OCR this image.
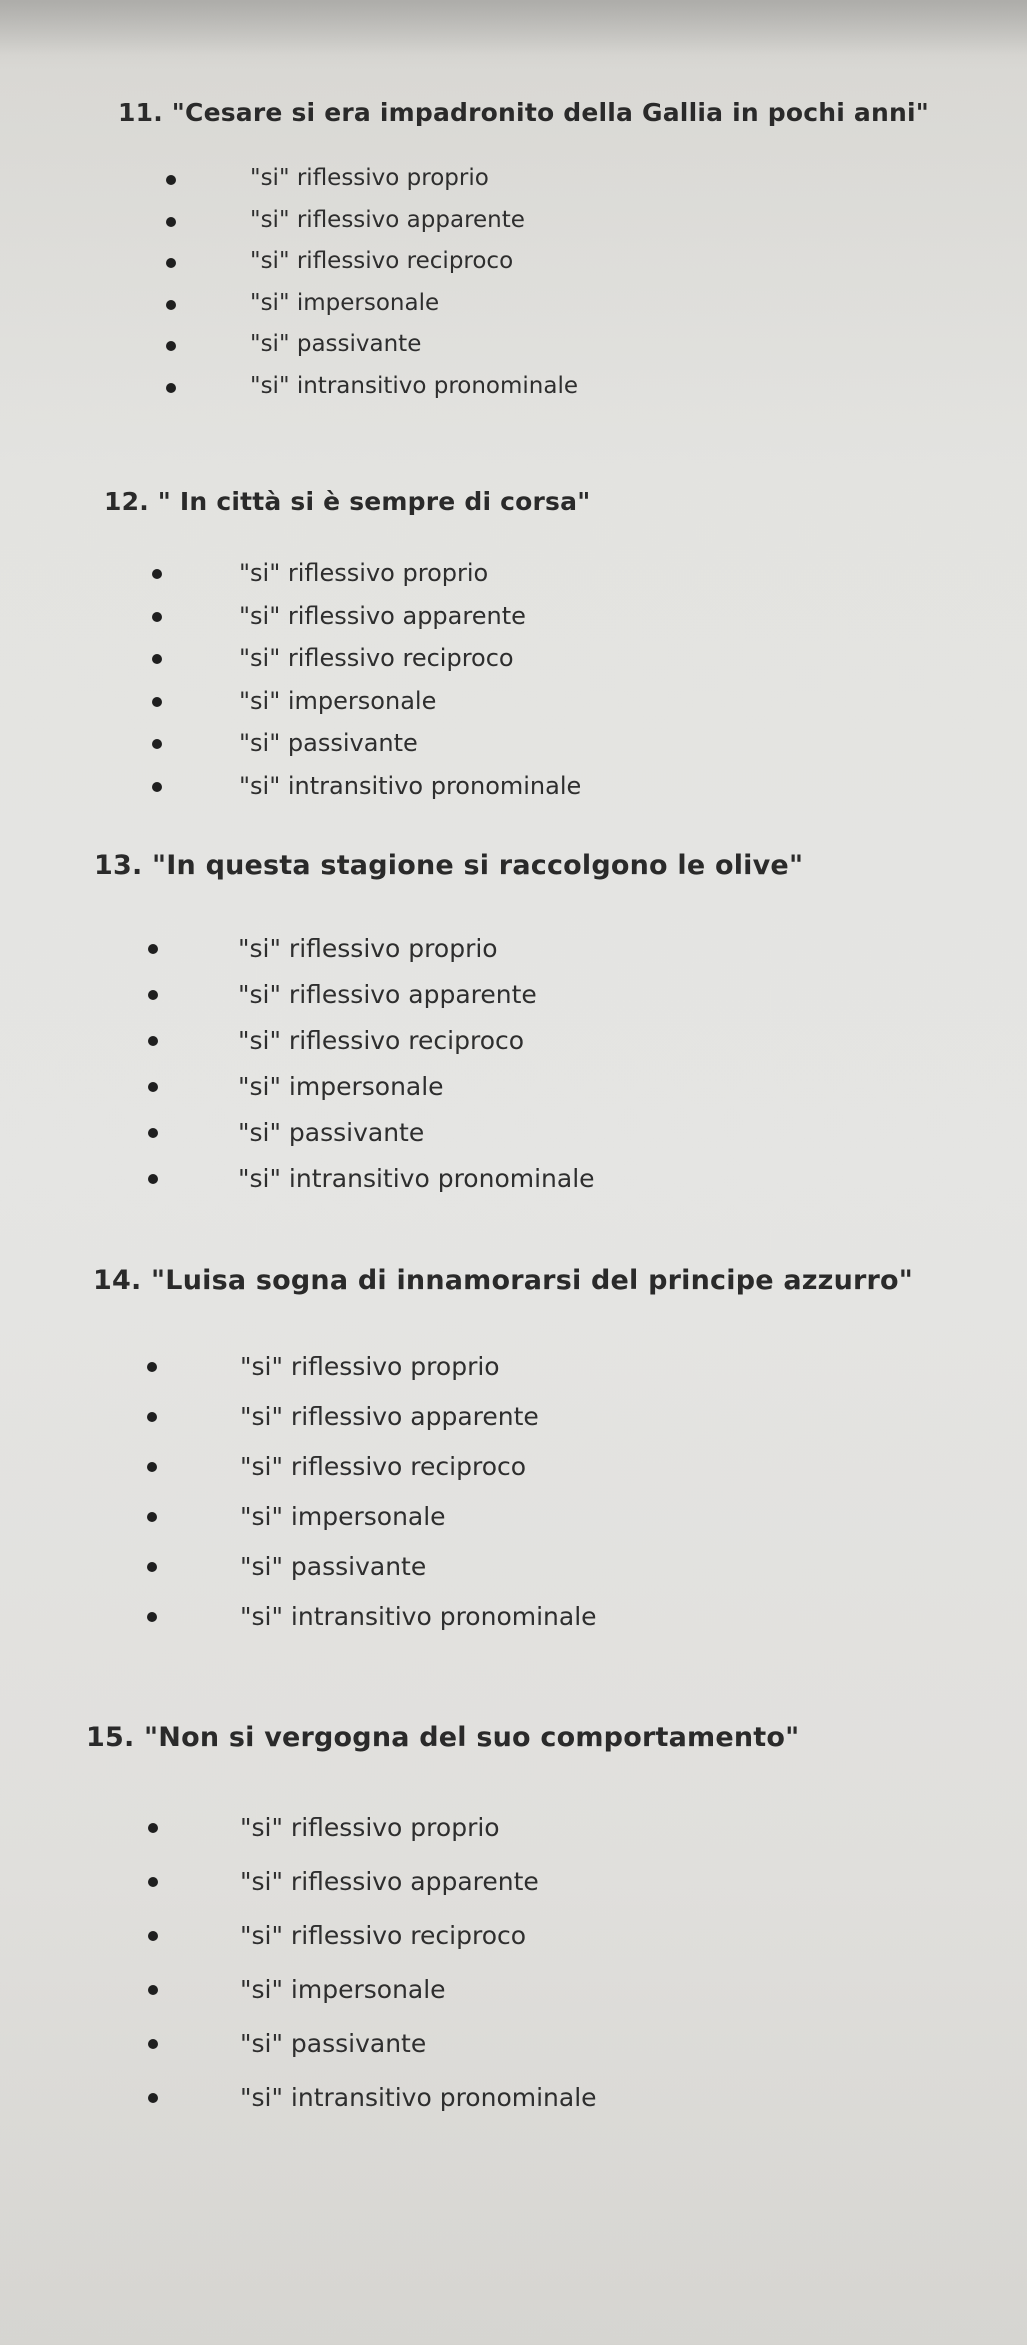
11. "Cesare si era impadronito della Gallia in pochi anni"
"si" riflessivo proprio
"si" riflessivo apparente
"si" riflessivo reciproco
"si" impersonale
"si" passivante
"si" intransitivo pronominale
12. " In città si è sempre di corsa"
"si" riflessivo proprio
"si" riflessivo apparente
"si" riflessivo reciproco
"si" impersonale
"si" passivante
"si" intransitivo pronominale
13. "In questa stagione si raccolgono le olive"
"si" riflessivo proprio
"si" riflessivo apparente
"si" riflessivo reciproco
"si" impersonale
"si" passivante
"si" intransitivo pronominale
14. "Luisa sogna di innamorarsi del principe azzurro"
"si" riflessivo proprio
"si" riflessivo apparente
"si" riflessivo reciproco
"si" impersonale
"si" passivante
"si" intransitivo pronominale
15. "Non si vergogna del suo comportamento"
"si" riflessivo proprio
"si" riflessivo apparente
"si" riflessivo reciproco
"si" impersonale
"si" passivante
"si" intransitivo pronominale
